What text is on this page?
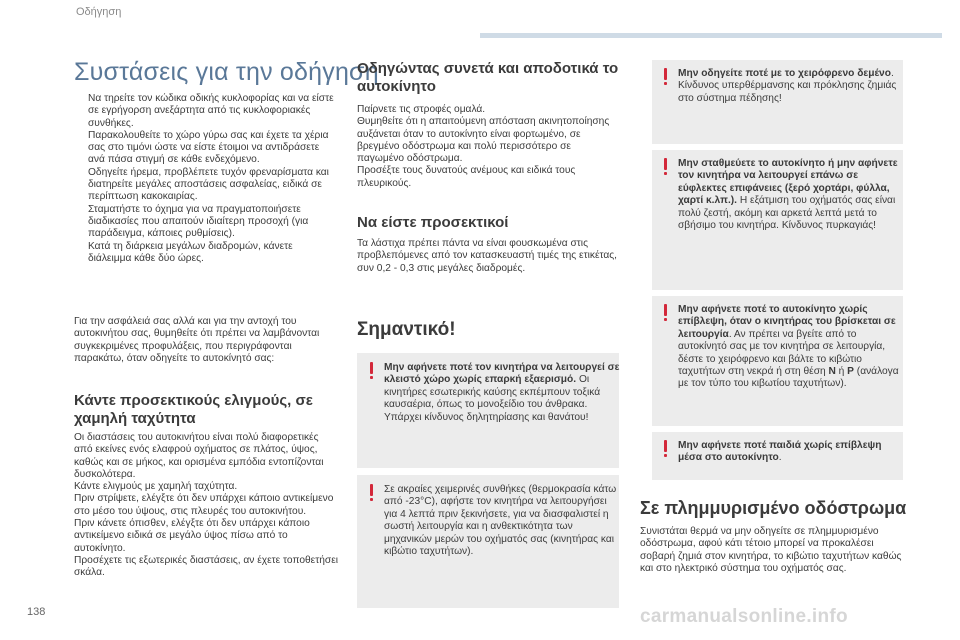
Οδήγηση
Συστάσεις για την οδήγηση
Να τηρείτε τον κώδικα οδικής κυκλοφορίας και να είστε σε εγρήγορση ανεξάρτητα από τις κυκλοφοριακές συνθήκες.
Παρακολουθείτε το χώρο γύρω σας και έχετε τα χέρια σας στο τιμόνι ώστε να είστε έτοιμοι να αντιδράσετε ανά πάσα στιγμή σε κάθε ενδεχόμενο.
Οδηγείτε ήρεμα, προβλέπετε τυχόν φρεναρίσματα και διατηρείτε μεγάλες αποστάσεις ασφαλείας, ειδικά σε περίπτωση κακοκαιρίας.
Σταματήστε το όχημα για να πραγματοποιήσετε διαδικασίες που απαιτούν ιδιαίτερη προσοχή (για παράδειγμα, κάποιες ρυθμίσεις).
Κατά τη διάρκεια μεγάλων διαδρομών, κάνετε διάλειμμα κάθε δύο ώρες.

Για την ασφάλειά σας αλλά και για την αντοχή του αυτοκινήτου σας, θυμηθείτε ότι πρέπει να λαμβάνονται συγκεκριμένες προφυλάξεις, που περιγράφονται παρακάτω, όταν οδηγείτε το αυτοκίνητό σας:

Κάντε προσεκτικούς ελιγμούς, σε χαμηλή ταχύτητα

Οι διαστάσεις του αυτοκινήτου είναι πολύ διαφορετικές από εκείνες ενός ελαφρού οχήματος σε πλάτος, ύψος, καθώς και σε μήκος, και ορισμένα εμπόδια εντοπίζονται δυσκολότερα.
Κάντε ελιγμούς με χαμηλή ταχύτητα.
Πριν στρίψετε, ελέγξτε ότι δεν υπάρχει κάποιο αντικείμενο στο μέσο του ύψους, στις πλευρές του αυτοκινήτου.
Πριν κάνετε όπισθεν, ελέγξτε ότι δεν υπάρχει κάποιο αντικείμενο ειδικά σε μεγάλο ύψος πίσω από το αυτοκίνητο.
Προσέχετε τις εξωτερικές διαστάσεις, αν έχετε τοποθετήσει σκάλα.

Οδηγώντας συνετά και αποδοτικά το αυτοκίνητο

Παίρνετε τις στροφές ομαλά.
Θυμηθείτε ότι η απαιτούμενη απόσταση ακινητοποίησης αυξάνεται όταν το αυτοκίνητο είναι φορτωμένο, σε βρεγμένο οδόστρωμα και πολύ περισσότερο σε παγωμένο οδόστρωμα.
Προσέξτε τους δυνατούς ανέμους και ειδικά τους πλευρικούς.

Να είστε προσεκτικοί

Τα λάστιχα πρέπει πάντα να είναι φουσκωμένα στις προβλεπόμενες από τον κατασκευαστή τιμές της ετικέτας, συν 0,2 - 0,3 στις μεγάλες διαδρομές.

Σημαντικό!
Μην αφήνετε ποτέ τον κινητήρα να λειτουργεί σε κλειστό χώρο χωρίς επαρκή εξαερισμό. Οι κινητήρες εσωτερικής καύσης εκπέμπουν τοξικά καυσαέρια, όπως το μονοξείδιο του άνθρακα. Υπάρχει κίνδυνος δηλητηρίασης και θανάτου!
Σε ακραίες χειμερινές συνθήκες (θερμοκρασία κάτω από -23°C), αφήστε τον κινητήρα να λειτουργήσει για 4 λεπτά πριν ξεκινήσετε, για να διασφαλιστεί η σωστή λειτουργία και η ανθεκτικότητα των μηχανικών μερών του οχήματός σας (κινητήρας και κιβώτιο ταχυτήτων).
Μην οδηγείτε ποτέ με το χειρόφρενο δεμένο. Κίνδυνος υπερθέρμανσης και πρόκλησης ζημιάς στο σύστημα πέδησης!
Μην σταθμεύετε το αυτοκίνητο ή μην αφήνετε τον κινητήρα να λειτουργεί επάνω σε εύφλεκτες επιφάνειες (ξερό χορτάρι, φύλλα, χαρτί κ.λπ.). Η εξάτμιση του οχήματός σας είναι πολύ ζεστή, ακόμη και αρκετά λεπτά μετά το σβήσιμο του κινητήρα. Κίνδυνος πυρκαγιάς!
Μην αφήνετε ποτέ το αυτοκίνητο χωρίς επίβλεψη, όταν ο κινητήρας του βρίσκεται σε λειτουργία. Αν πρέπει να βγείτε από το αυτοκίνητό σας με τον κινητήρα σε λειτουργία, δέστε το χειρόφρενο και βάλτε το κιβώτιο ταχυτήτων στη νεκρά ή στη θέση N ή P (ανάλογα με τον τύπο του κιβωτίου ταχυτήτων).
Μην αφήνετε ποτέ παιδιά χωρίς επίβλεψη μέσα στο αυτοκίνητο.
Σε πλημμυρισμένο οδόστρωμα

Συνιστάται θερμά να μην οδηγείτε σε πλημμυρισμένο οδόστρωμα, αφού κάτι τέτοιο μπορεί να προκαλέσει σοβαρή ζημιά στον κινητήρα, το κιβώτιο ταχυτήτων καθώς και στο ηλεκτρικό σύστημα του οχήματός σας.

138	carmanualsonline.info
